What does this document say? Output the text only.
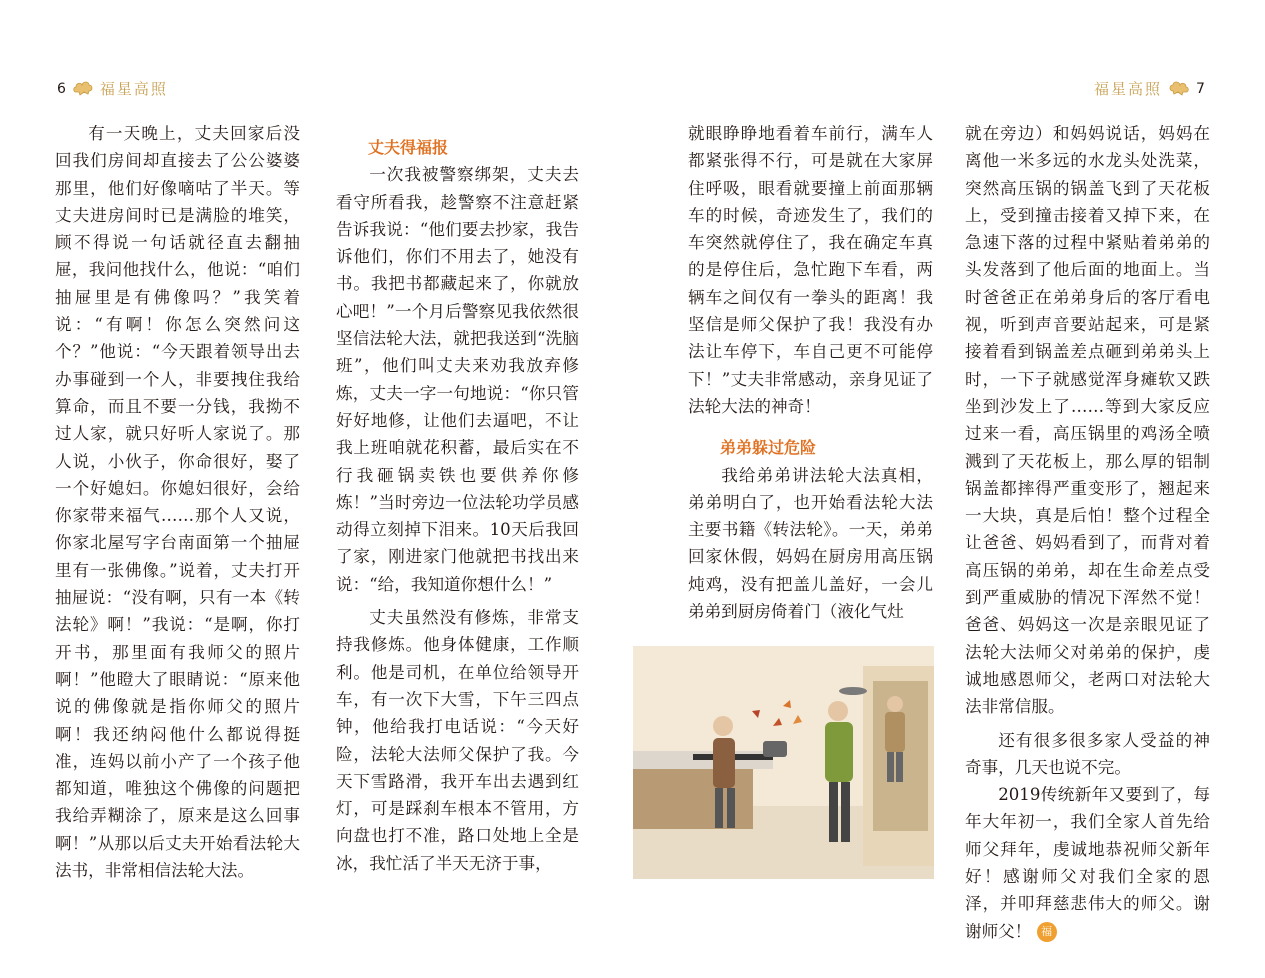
6 福星高照	福星高照 7

有一天晚上，丈夫回家后没回我们房间却直接去了公公婆婆那里，他们好像嘀咕了半天。等丈夫进房间时已是满脸的堆笑，顾不得说一句话就径直去翻抽屉，我问他找什么，他说：“咱们抽屉里是有佛像吗？”我笑着说：“有啊！你怎么突然问这个？”他说：“今天跟着领导出去办事碰到一个人，非要拽住我给算命，而且不要一分钱，我拗不过人家，就只好听人家说了。那人说，小伙子，你命很好，娶了一个好媳妇。你媳妇很好，会给你家带来福气……那个人又说，你家北屋写字台南面第一个抽屉里有一张佛像。”说着，丈夫打开抽屉说：“没有啊，只有一本《转法轮》啊！”我说：“是啊，你打开书，那里面有我师父的照片啊！”他瞪大了眼睛说：“原来他说的佛像就是指你师父的照片啊！我还纳闷他什么都说得挺准，连妈以前小产了一个孩子他都知道，唯独这个佛像的问题把我给弄糊涂了，原来是这么回事啊！”从那以后丈夫开始看法轮大法书，非常相信法轮大法。

丈夫得福报

一次我被警察绑架，丈夫去看守所看我，趁警察不注意赶紧告诉我说：“他们要去抄家，我告诉他们，你们不用去了，她没有书。我把书都藏起来了，你就放心吧！”一个月后警察见我依然很坚信法轮大法，就把我送到“洗脑班”，他们叫丈夫来劝我放弃修炼，丈夫一字一句地说：“你只管好好地修，让他们去逼吧，不让我上班咱就花积蓄，最后实在不行我砸锅卖铁也要供养你修炼！”当时旁边一位法轮功学员感动得立刻掉下泪来。10天后我回了家，刚进家门他就把书找出来说：“给，我知道你想什么！”

丈夫虽然没有修炼，非常支持我修炼。他身体健康，工作顺利。他是司机，在单位给领导开车，有一次下大雪，下午三四点钟，他给我打电话说：“今天好险，法轮大法师父保护了我。今天下雪路滑，我开车出去遇到红灯，可是踩刹车根本不管用，方向盘也打不准，路口处地上全是冰，我忙活了半天无济于事，

就眼睁睁地看着车前行，满车人都紧张得不行，可是就在大家屏住呼吸，眼看就要撞上前面那辆车的时候，奇迹发生了，我们的车突然就停住了，我在确定车真的是停住后，急忙跑下车看，两辆车之间仅有一拳头的距离！我坚信是师父保护了我！我没有办法让车停下，车自己更不可能停下！”丈夫非常感动，亲身见证了法轮大法的神奇！

弟弟躲过危险

我给弟弟讲法轮大法真相，弟弟明白了，也开始看法轮大法主要书籍《转法轮》。一天，弟弟回家休假，妈妈在厨房用高压锅炖鸡，没有把盖儿盖好，一会儿弟弟到厨房倚着门（液化气灶

就在旁边）和妈妈说话，妈妈在离他一米多远的水龙头处洗菜，突然高压锅的锅盖飞到了天花板上，受到撞击接着又掉下来，在急速下落的过程中紧贴着弟弟的头发落到了他后面的地面上。当时爸爸正在弟弟身后的客厅看电视，听到声音要站起来，可是紧接着看到锅盖差点砸到弟弟头上时，一下子就感觉浑身瘫软又跌坐到沙发上了……等到大家反应过来一看，高压锅里的鸡汤全喷溅到了天花板上，那么厚的铝制锅盖都摔得严重变形了，翘起来一大块，真是后怕！整个过程全让爸爸、妈妈看到了，而背对着高压锅的弟弟，却在生命差点受到严重威胁的情况下浑然不觉！爸爸、妈妈这一次是亲眼见证了法轮大法师父对弟弟的保护，虔诚地感恩师父，老两口对法轮大法非常信服。

还有很多很多家人受益的神奇事，几天也说不完。

2019传统新年又要到了，每年大年初一，我们全家人首先给师父拜年，虔诚地恭祝师父新年好！感谢师父对我们全家的恩泽，并叩拜慈悲伟大的师父。谢谢师父！ 福
